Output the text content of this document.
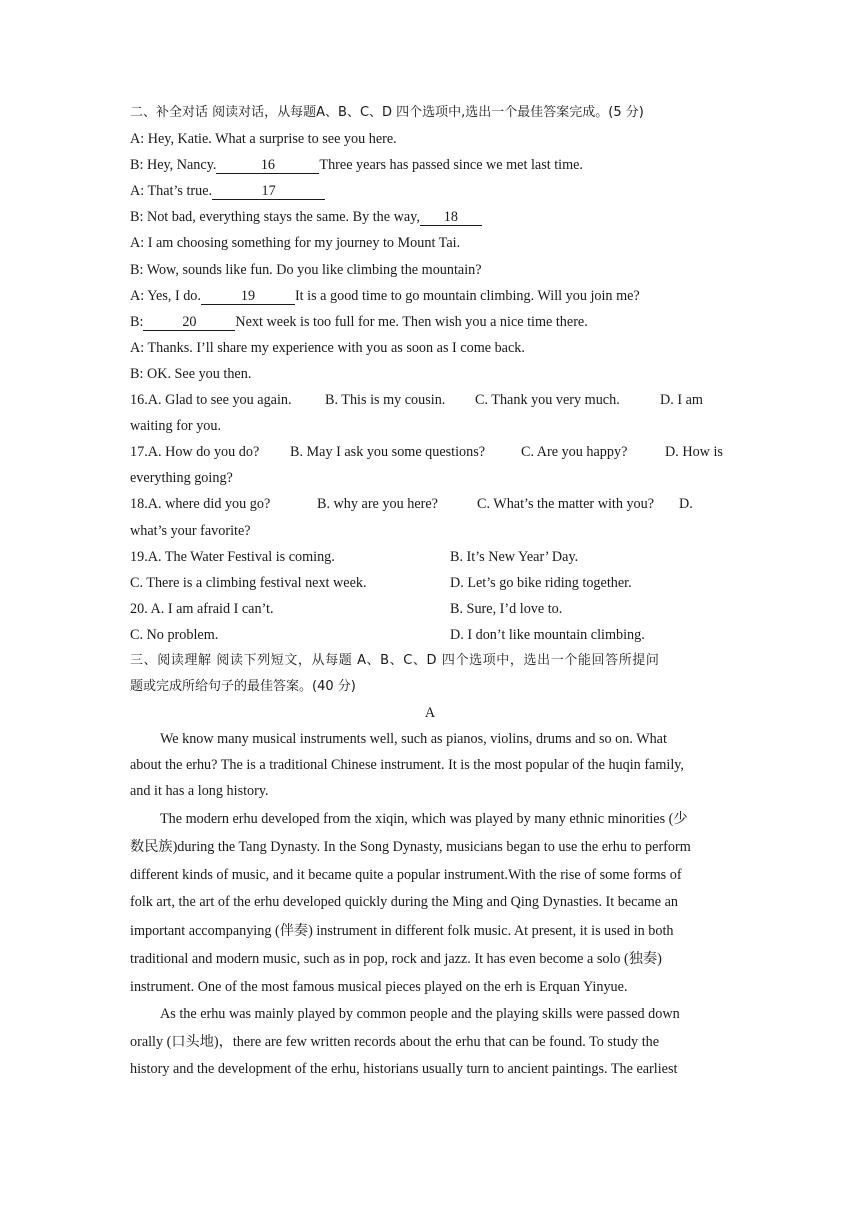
二、补全对话 阅读对话，从每题A、B、C、D 四个选项中,选出一个最佳答案完成。(5 分)
A: Hey, Katie. What a surprise to see you here.
B: Hey, Nancy.	16	Three years has passed since we met last time.
A: That’s true.	17
B: Not bad, everything stays the same. By the way, 18
A: I am choosing something for my journey to Mount Tai.
B: Wow, sounds like fun. Do you like climbing the mountain?
A: Yes, I do.	19	It is a good time to go mountain climbing. Will you join me?
B:	20	Next week is too full for me. Then wish you a nice time there.
A: Thanks. I’ll share my experience with you as soon as I come back.
B: OK. See you then.
16.A. Glad to see you again. B. This is my cousin. C. Thank you very much.	D. I am
waiting for you.
17.A. How do you do? B. May I ask you some questions?	C. Are you happy?	D. How is
everything going?
18.A. where did you go?	B. why are you here?	C. What’s the matter with you? D.
what’s your favorite?
19.A. The Water Festival is coming.	B. It’s New Year’ Day.
C. There is a climbing festival next week.	D. Let’s go bike riding together.
20. A. I am afraid I can’t.	B. Sure, I’d love to.
C. No problem.	D. I don’t like mountain climbing.
三、阅读理解 阅读下列短文，从每题 A、B、C、D 四个选项中，选出一个能回答所提问
题或完成所给句子的最佳答案。(40 分)
A
We know many musical instruments well, such as pianos, violins, drums and so on. What
about the erhu? The is a traditional Chinese instrument. It is the most popular of the huqin family,
and it has a long history.
The modern erhu developed from the xiqin, which was played by many ethnic minorities (少
数民族)during the Tang Dynasty. In the Song Dynasty, musicians began to use the erhu to perform
different kinds of music, and it became quite a popular instrument.With the rise of some forms of
folk art, the art of the erhu developed quickly during the Ming and Qing Dynasties. It became an
important accompanying (伴奏) instrument in different folk music. At present, it is used in both
traditional and modern music, such as in pop, rock and jazz. It has even become a solo (独奏)
instrument. One of the most famous musical pieces played on the erh is Erquan Yinyue.
As the erhu was mainly played by common people and the playing skills were passed down
orally (口头地)，there are few written records about the erhu that can be found. To study the
history and the development of the erhu, historians usually turn to ancient paintings. The earliest
